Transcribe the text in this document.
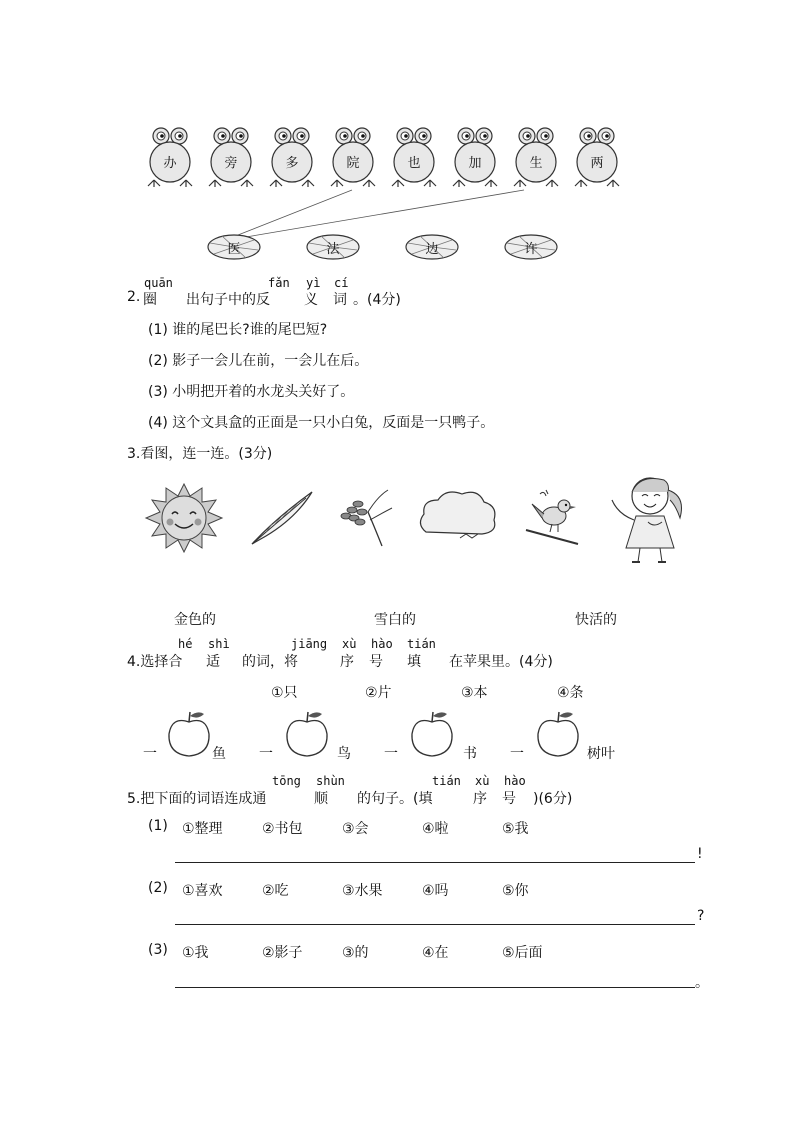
办	旁	多	院	也	加	生	两
医	法	边	许
quān	fǎn yì cí
2. 圈 出句子中的反 义 词 。(4分)
(1) 谁的尾巴长?谁的尾巴短?
(2) 影子一会儿在前，一会儿在后。
(3) 小明把开着的水龙头关好了。
(4) 这个文具盒的正面是一只小白兔，反面是一只鸭子。
3.看图，连一连。(3分)
金色的	雪白的	快活的
hé shì	jiāng xù hào tián
4.选择合 适 的词，将	序 号 填 在苹果里。(4分)
①只	②片	③本	④条
一	鱼 一	鸟 一	书 一	树叶
tōng shùn	tián xù hào
5.把下面的词语连成通	顺 的句子。(填	序 号 )(6分)
(1) ①整理	②书包	③会	④啦	⑤我
!
(2) ①喜欢	②吃	③水果	④吗	⑤你
?
(3) ①我	②影子	③的	④在	⑤后面
。
